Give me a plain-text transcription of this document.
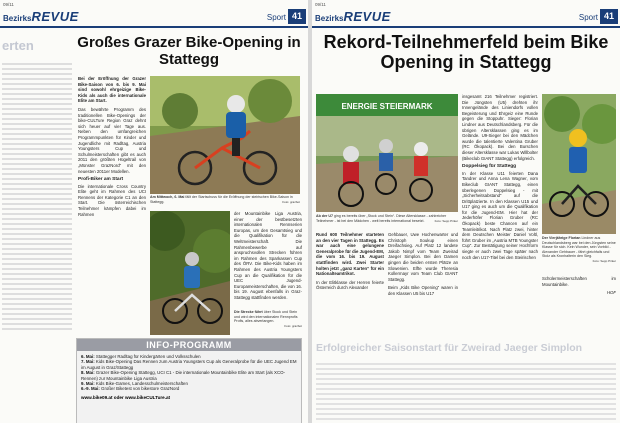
09/11
BezirksREVUE	Sport 41
erten	Großes Grazer Bike-Opening in Stattegg

Bei der Eröffnung der Grazer Bike-Saison von 6. bis 9. Mai sind sowohl ehrgeizige Bike-Kids als auch die internationale Elite am Start.

Das bewährte Programm des traditionellen Bike-Openings der bike-CULTure Region Graz dehnt sich heuer auf vier Tage aus. Neben den umfangreichen Programmpunkten für Kinder und Jugendliche mit Radltag, Austria Youngsters Cup und Schulmeisterschaften gibt es auch 2011 den größten Hügeltrail von „Münster GrazNord“ mit den neuesten 2011er Modellen.

Profi-Biker am Start

Die internationale Cross Country Elite geht im Rahmen des UCI Rennens der Kategorie C1 an den Start. Die österreichischen Teilnehmer kämpfen dabei im Rahmen

Am Mittwoch, 6. Mai fällt der Startschuss für die Eröffnung der steirischen Bike-Saison in Stattegg.	Foto: grazbot

der Mountainbike Liga Austria, einer der bestbesetzten internationalen Rennserien Europas, um den Gesamtsieg und die Qualifikation für die Weltmeisterschaft. Die Rahmenbewerbe auf anspruchsvollen Strecken führen im Rahmen des Sparkassen Cup des ÖRV. Die Bike-Kids haben im Rahmen des Austria Youngsters Cup an die Qualifikation für die UEC Jugend-Europameisterschaften, die von 16. bis 19. August ebenfalls in Graz-Stattegg stattfinden werden.

Die Strecke führt über Stock und Stein und wird den internationalen Rennprofis Profis, alles abverlangen.
Foto: grazbot
INFO-PROGRAMM
6. Mai: Stattegger Radltag für Kindergärten und Volksschulen
7. Mai: Kids Bike-Opening Das Rennen zum Austria Youngsters Cup als Generalprobe für die UEC Jugend EM im August in Graz/Stattegg
8. Mai: Grazer Bike-Opening Stattegg, UCI C1 - Die internationale Mountainbike Elite am Start (als XCO-Rennen) zur Mountainbike Liga Austria
9. Mai: Kids Bike-Games, Landesschulmeisterschaften
6.-9. Mai: Großer Biketest von bikestore GrazNord
www.bike09.at oder www.bikeCULTure.at
09/11
BezirksREVUE	Sport 41
Rekord-Teilnehmerfeld beim Bike Opening in Stattegg
ENERGIE STEIERMARK
Ab der U7 ging es bereits über „Stock und Stein“. Diese Altersklasse - zahlreicher Teilnehmer - ist bei den Mädchen - weit bereits international besetzt.	Foto: Sepp Pirker

Rund 600 Teilnehmer starteten an den vier Tagen in Stattegg. Es war auch eine gelungene Generalprobe für die Jugend-EM, die vom 16. bis 19. August stattfinden wird. Zwei Starter holten jetzt „ganz Karten“ für ein Nationalteamtrikot.

In der Elitklasse der Herren feierte Österreich durch Alexander

Gehbauer, Uwe Hochenwarter und Christoph Soukup einen Dreifachsieg. Auf Platz 12 landete Jakob Nimpf vom Team Zweirad Jaeger Simplon. Bei den Damen gingen die beiden ersten Plätze an Slowenien. Elfte wurde Theresia Kollermayr vom Team Club GIANT Stattegg.

Beim „Kids Bike Opening“ waren in den Klassen U5 bis U17

insgesamt 216 Teilnehmer registriert. Die Jüngsten (U5) drehten ihr Innengelände des Liniendorfs vollen Begeisterung und Ehrgeiz eine Runde gegen die Stoppuhr. Sieger: Florian Lindner aus Deutschlandsberg. Für die übrigen Altersklassen ging es im Gelände. U9-Sieger bei den Mädchen wurde die talentierte Valentina Gruber (RC Ökopack). Bei den Burschen dieser Altersklasse war Lukas Willbolter (Bikeclub GIANT Stattegg) erfolgreich.

Doppelsieg für Stattegg

In der Klasse U11 feierten Dana Tandrer und Anna Lena Wagner, vom Bikeclub GIANT Stattegg, einen überlegenen Doppelsieg - mit „Sicherheitsabstand“ auf die Drittplatzierte. In den Klassen U15 und U17 ging es auch um die Qualifikation für die Jugend-EM. Hier hat der Jederhöfer Florian Gruber (RC Ökopack) beste Chancen auf ein Teamleitrikot. Nach Platz zwei, hinter dem Deutschen Meister Daniel Voltl, führt Gruber im „Austria MTB Youngster Cup“. Zur Bestätigung seiner Hochform siegte er auch zwei Tage später nach noch den U17-Titel bei den Steirischen

Der Vierjährige Florian Lindner aus Deutschlandsberg war bei den Jüngsten seine Klasse für sich. Kein Wunder, sein Vorbild - Alexander Gehbauer - fährt gleichfalls und Stolz als Kronhalterin den Sieg.
Foto: Sepp Pirker

Schülermeisterschaften im Mountainbike.

HOF

Erfolgreicher Saisonstart für Zweirad Jaeger Simplon
